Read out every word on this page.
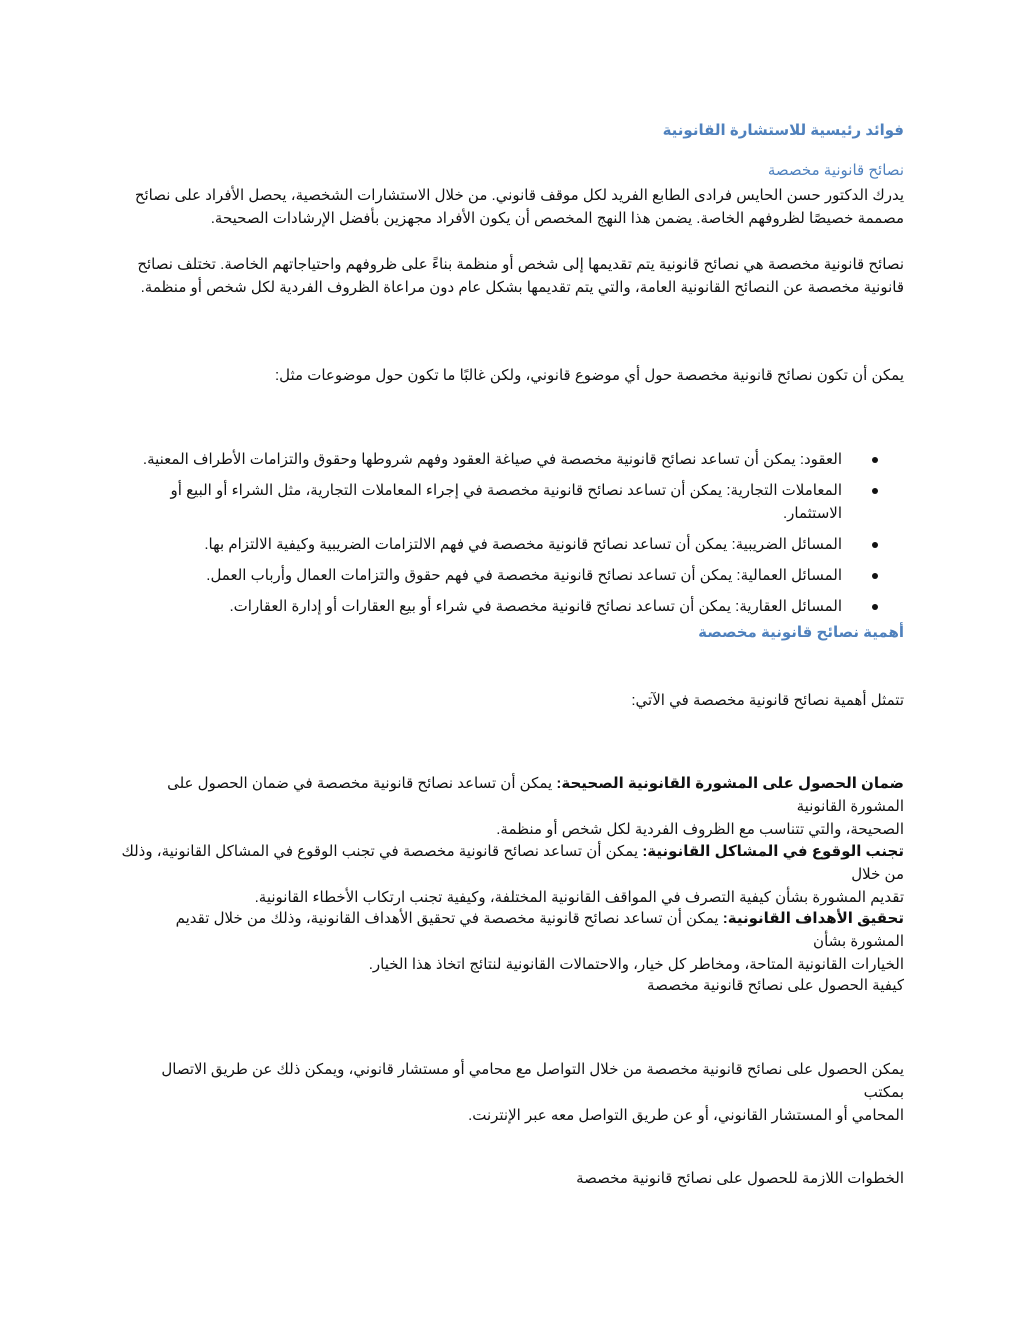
فوائد رئيسية للاستشارة القانونية

نصائح قانونية مخصصة

يدرك الدكتور حسن الحايس فرادى الطابع الفريد لكل موقف قانوني. من خلال الاستشارات الشخصية، يحصل الأفراد على نصائح
مصممة خصيصًا لظروفهم الخاصة. يضمن هذا النهج المخصص أن يكون الأفراد مجهزين بأفضل الإرشادات الصحيحة.

نصائح قانونية مخصصة هي نصائح قانونية يتم تقديمها إلى شخص أو منظمة بناءً على ظروفهم واحتياجاتهم الخاصة. تختلف نصائح
قانونية مخصصة عن النصائح القانونية العامة، والتي يتم تقديمها بشكل عام دون مراعاة الظروف الفردية لكل شخص أو منظمة.

يمكن أن تكون نصائح قانونية مخصصة حول أي موضوع قانوني، ولكن غالبًا ما تكون حول موضوعات مثل:

العقود: يمكن أن تساعد نصائح قانونية مخصصة في صياغة العقود وفهم شروطها وحقوق والتزامات الأطراف المعنية.
المعاملات التجارية: يمكن أن تساعد نصائح قانونية مخصصة في إجراء المعاملات التجارية، مثل الشراء أو البيع أو
الاستثمار.
المسائل الضريبية: يمكن أن تساعد نصائح قانونية مخصصة في فهم الالتزامات الضريبية وكيفية الالتزام بها.
المسائل العمالية: يمكن أن تساعد نصائح قانونية مخصصة في فهم حقوق والتزامات العمال وأرباب العمل.
المسائل العقارية: يمكن أن تساعد نصائح قانونية مخصصة في شراء أو بيع العقارات أو إدارة العقارات.

أهمية نصائح قانونية مخصصة

تتمثل أهمية نصائح قانونية مخصصة في الآتي:

ضمان الحصول على المشورة القانونية الصحيحة: يمكن أن تساعد نصائح قانونية مخصصة في ضمان الحصول على المشورة القانونية
الصحيحة، والتي تتناسب مع الظروف الفردية لكل شخص أو منظمة.

تجنب الوقوع في المشاكل القانونية: يمكن أن تساعد نصائح قانونية مخصصة في تجنب الوقوع في المشاكل القانونية، وذلك من خلال
تقديم المشورة بشأن كيفية التصرف في المواقف القانونية المختلفة، وكيفية تجنب ارتكاب الأخطاء القانونية.

تحقيق الأهداف القانونية: يمكن أن تساعد نصائح قانونية مخصصة في تحقيق الأهداف القانونية، وذلك من خلال تقديم المشورة بشأن
الخيارات القانونية المتاحة، ومخاطر كل خيار، والاحتمالات القانونية لنتائج اتخاذ هذا الخيار.

كيفية الحصول على نصائح قانونية مخصصة

يمكن الحصول على نصائح قانونية مخصصة من خلال التواصل مع محامي أو مستشار قانوني، ويمكن ذلك عن طريق الاتصال بمكتب
المحامي أو المستشار القانوني، أو عن طريق التواصل معه عبر الإنترنت.

الخطوات اللازمة للحصول على نصائح قانونية مخصصة
